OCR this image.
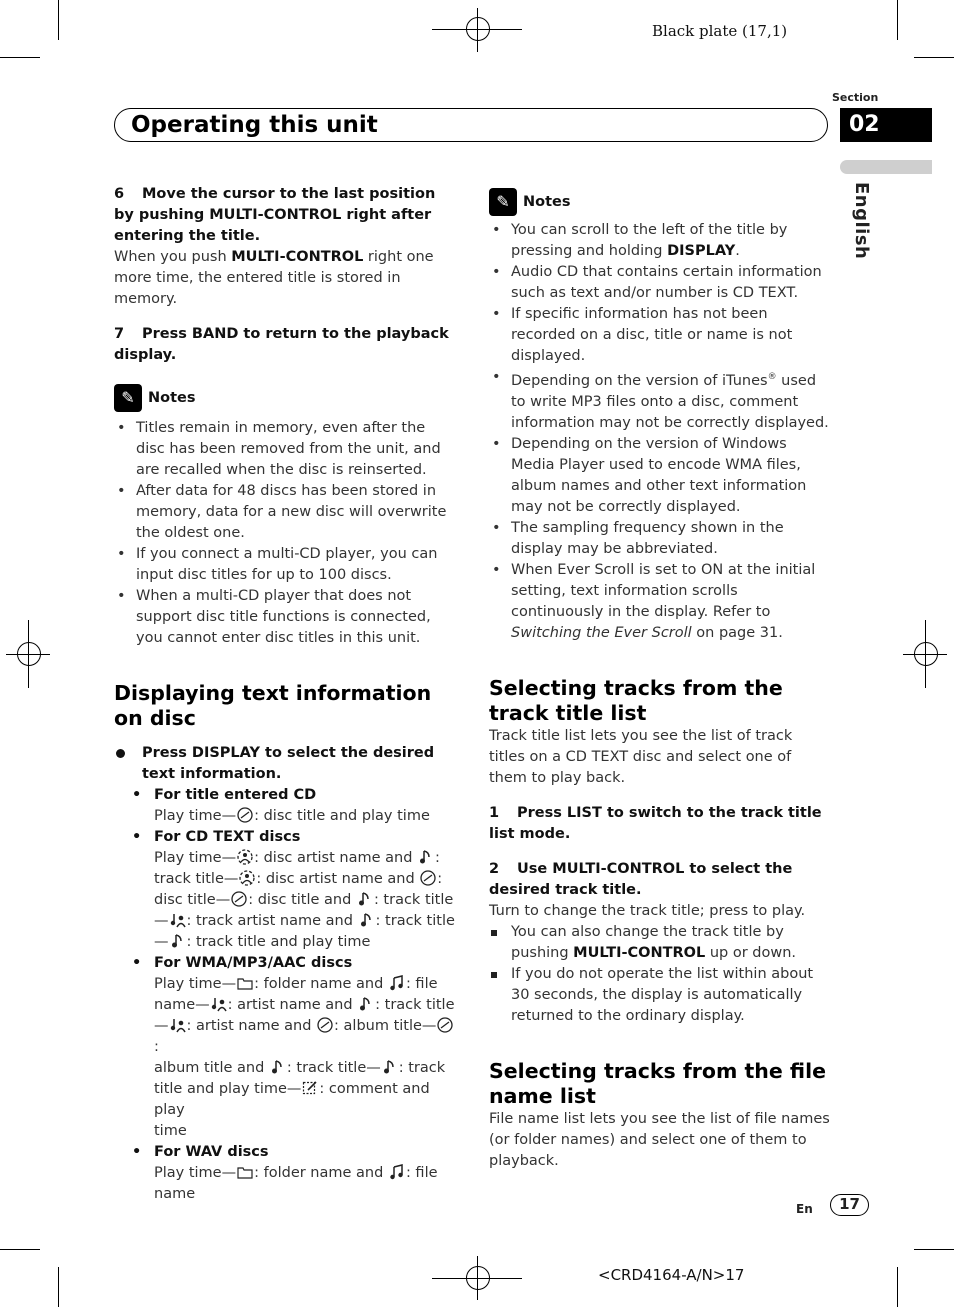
Black plate (17,1)
Section
02
English
Operating this unit

6 Move the cursor to the last position by pushing MULTI-CONTROL right after entering the title.

When you push MULTI-CONTROL right one more time, the entered title is stored in memory.

7 Press BAND to return to the playback display.

✎ Notes
• Titles remain in memory, even after the disc has been removed from the unit, and are recalled when the disc is reinserted.
• After data for 48 discs has been stored in memory, data for a new disc will overwrite the oldest one.
• If you connect a multi-CD player, you can input disc titles for up to 100 discs.
• When a multi-CD player that does not support disc title functions is connected, you cannot enter disc titles in this unit.

Displaying text information on disc

Press DISPLAY to select the desired text information.

• For title entered CD
Play time— : disc title and play time
• For CD TEXT discs
Play time— : disc artist name and :
track title— : disc artist name and :
disc title— : disc title and : track title
— : track artist name and : track title
— : track title and play time
• For WMA/MP3/AAC discs
Play time— : folder name and : file
name— : artist name and : track title
— : artist name and : album title—:
album title and : track title— : track
title and play time— : comment and play
time
• For WAV discs
Play time— : folder name and : file
name
✎ Notes
• You can scroll to the left of the title by pressing and holding DISPLAY.
• Audio CD that contains certain information such as text and/or number is CD TEXT.
• If specific information has not been recorded on a disc, title or name is not displayed.
• Depending on the version of iTunes® used to write MP3 files onto a disc, comment information may not be correctly displayed.
• Depending on the version of Windows Media Player used to encode WMA files, album names and other text information may not be correctly displayed.
• The sampling frequency shown in the display may be abbreviated.
• When Ever Scroll is set to ON at the initial setting, text information scrolls continuously in the display. Refer to Switching the Ever Scroll on page 31.

Selecting tracks from the track title list

Track title list lets you see the list of track titles on a CD TEXT disc and select one of them to play back.

1 Press LIST to switch to the track title list mode.

2 Use MULTI-CONTROL to select the desired track title.

Turn to change the track title; press to play.

You can also change the track title by pushing MULTI-CONTROL up or down.
If you do not operate the list within about 30 seconds, the display is automatically returned to the ordinary display.

Selecting tracks from the file name list

File name list lets you see the list of file names (or folder names) and select one of them to playback.

En	17
<CRD4164-A/N>17
